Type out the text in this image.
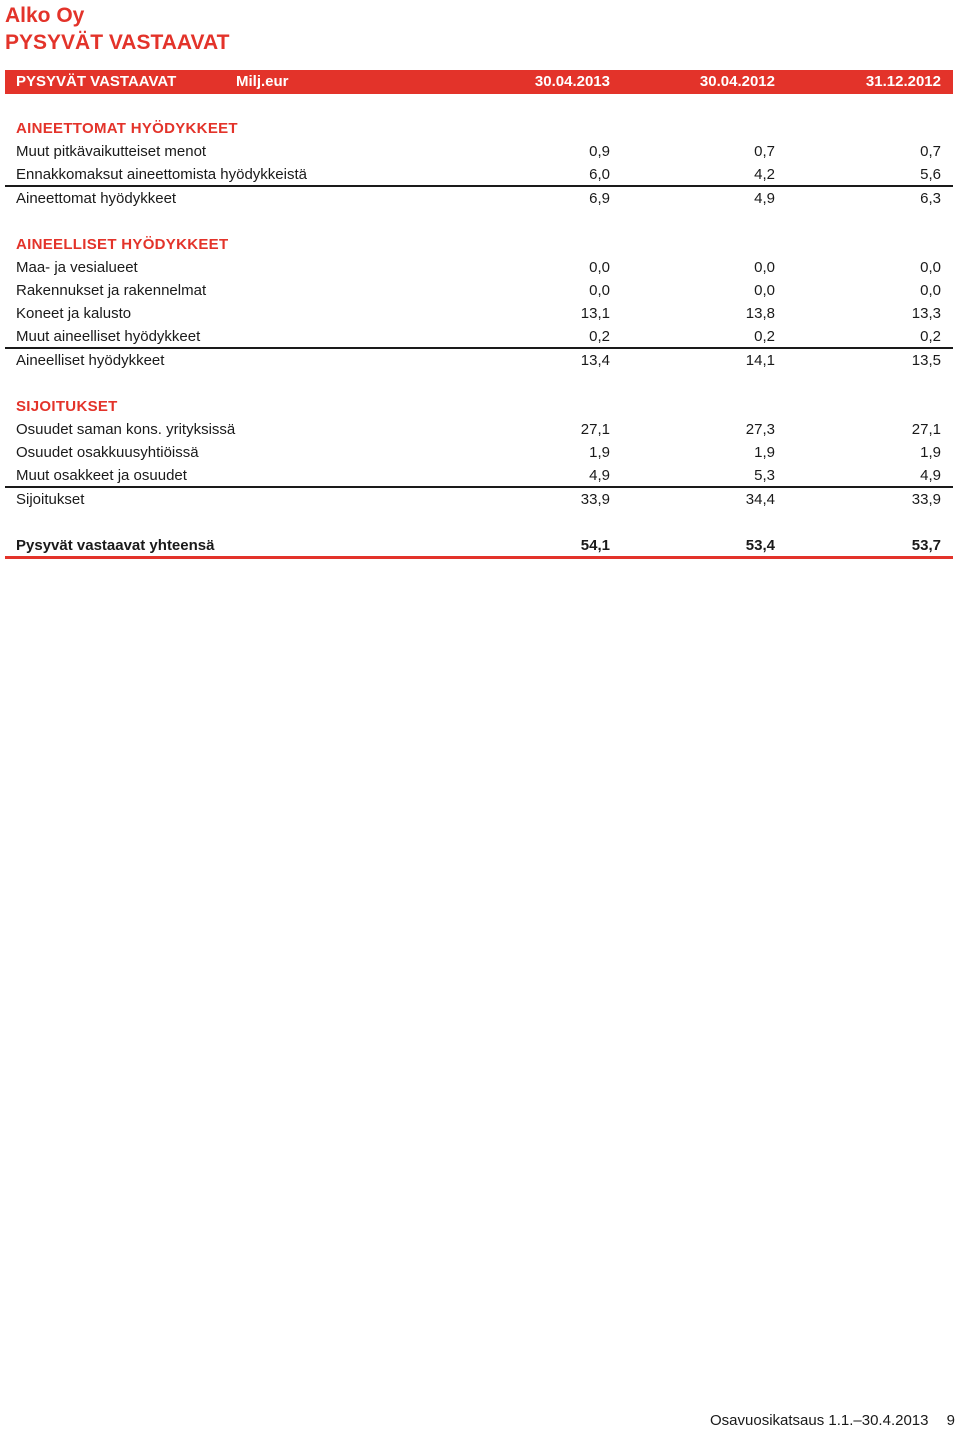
Alko Oy
PYSYVÄT VASTAAVAT
PYSYVÄT VASTAAVAT	Milj.eur	30.04.2013	30.04.2012	31.12.2012
AINEETTOMAT HYÖDYKKEET
Muut pitkävaikutteiset menot	0,9	0,7	0,7
Ennakkomaksut aineettomista hyödykkeistä	6,0	4,2	5,6
Aineettomat hyödykkeet	6,9	4,9	6,3
AINEELLISET HYÖDYKKEET
Maa- ja vesialueet	0,0	0,0	0,0
Rakennukset ja rakennelmat	0,0	0,0	0,0
Koneet ja kalusto	13,1	13,8	13,3
Muut aineelliset hyödykkeet	0,2	0,2	0,2
Aineelliset hyödykkeet	13,4	14,1	13,5
SIJOITUKSET
Osuudet saman kons. yrityksissä	27,1	27,3	27,1
Osuudet osakkuusyhtiöissä	1,9	1,9	1,9
Muut osakkeet ja osuudet	4,9	5,3	4,9
Sijoitukset	33,9	34,4	33,9
Pysyvät vastaavat yhteensä	54,1	53,4	53,7
Osavuosikatsaus 1.1.–30.4.2013 9
